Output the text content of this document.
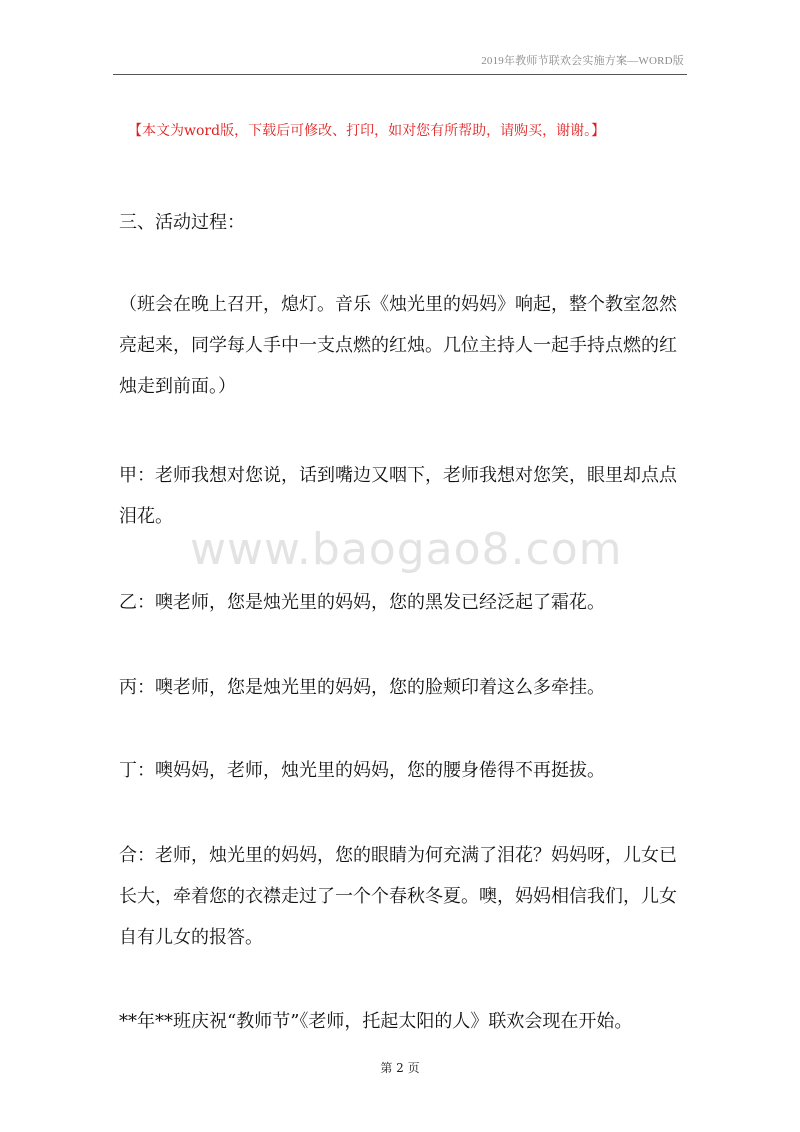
2019年教师节联欢会实施方案—WORD版
【本文为word版，下载后可修改、打印，如对您有所帮助，请购买，谢谢。】
三、活动过程：
（班会在晚上召开，熄灯。音乐《烛光里的妈妈》响起，整个教室忽然亮起来，同学每人手中一支点燃的红烛。几位主持人一起手持点燃的红烛走到前面。）
甲：老师我想对您说，话到嘴边又咽下，老师我想对您笑，眼里却点点泪花。
www.baogao8.com
乙：噢老师，您是烛光里的妈妈，您的黑发已经泛起了霜花。
丙：噢老师，您是烛光里的妈妈，您的脸颊印着这么多牵挂。
丁：噢妈妈，老师，烛光里的妈妈，您的腰身倦得不再挺拔。
合：老师，烛光里的妈妈，您的眼睛为何充满了泪花？妈妈呀，儿女已长大，牵着您的衣襟走过了一个个春秋冬夏。噢，妈妈相信我们，儿女自有儿女的报答。
**年**班庆祝“教师节”《老师，托起太阳的人》联欢会现在开始。
第 2 页
